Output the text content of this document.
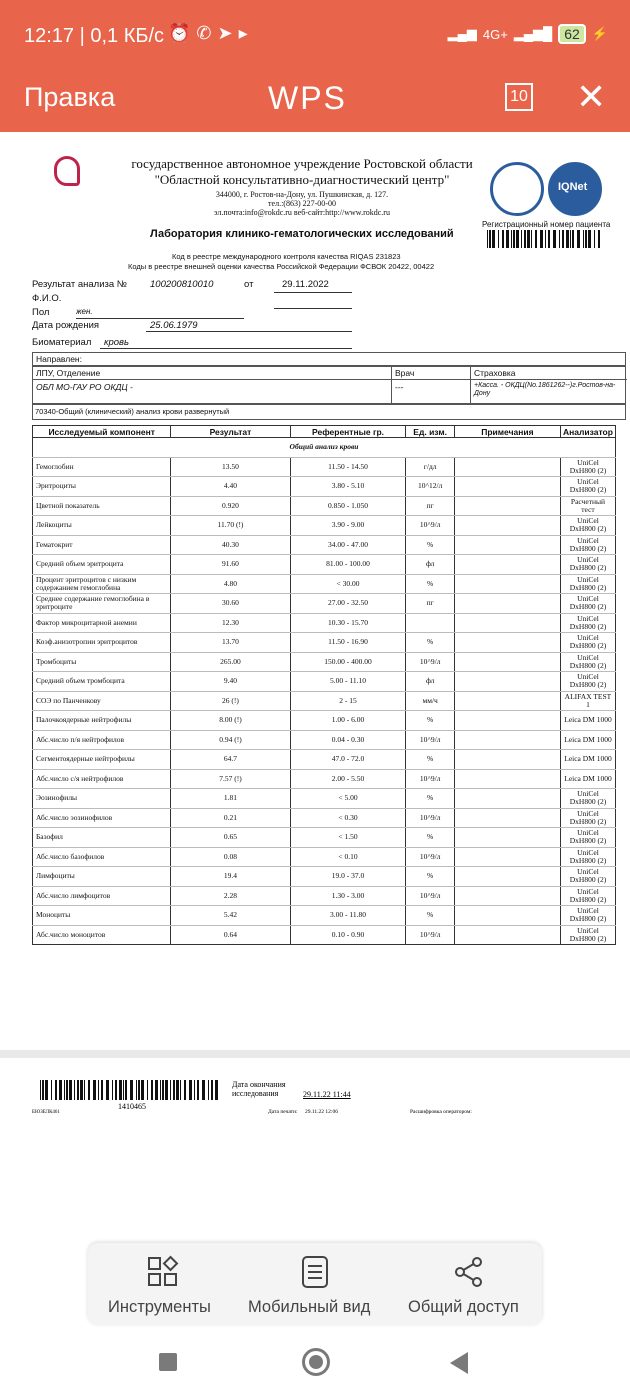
12:17 | 0,1 КБ/с ⏰✆➤▸	▂▄▆ 4G+ ▂▄▆█ 62 ⚡
Правка	WPS	10 ✕
государственное автономное учреждение Ростовской области
"Областной консультативно-диагностический центр"
344000, г. Ростов-на-Дону, ул. Пушкинская, д. 127.
тел.:(863) 227-00-00
эл.почта:info@rokdc.ru веб-сайт:http://www.rokdc.ru
IQNet
Регистрационный номер пациента
Лаборатория клинико-гематологических исследований
Код в реестре международного контроля качества RIQAS 231823
Коды в реестре внешней оценки качества Российской Федерации ФСВОК 20422, 00422
Результат анализа № 100200810010	от	29.11.2022
Ф.И.О.
Пол	жен.
Дата рождения	25.06.1979
Биоматериал кровь
Направлен:
ЛПУ, Отделение	Врач	Страховка
ОБЛ МО-ГАУ РО ОКДЦ -	---	+Касса. - ОКДЦ(No.1861262--)г.Ростов-на-Дону
70340-Общий (клинический) анализ крови развернутый
Исследуемый компонент	Результат	Референтные гр.	Ед. изм.	Примечания	Анализатор
Общий анализ крови					
Гемоглобин	13.50	11.50 - 14.50	г/дл		UniCel DxH800 (2)
Эритроциты	4.40	3.80 - 5.10	10^12/л		UniCel DxH800 (2)
Цветной показатель	0.920	0.850 - 1.050	пг		Расчетный тест
Лейкоциты	11.70 (!)	3.90 - 9.00	10^9/л		UniCel DxH800 (2)
Гематокрит	40.30	34.00 - 47.00	%		UniCel DxH800 (2)
Средний объем эритроцита	91.60	81.00 - 100.00	фл		UniCel DxH800 (2)
Процент эритроцитов с низким содержанием гемоглобина	4.80	< 30.00	%		UniCel DxH800 (2)
Среднее содержание гемоглобина в эритроците	30.60	27.00 - 32.50	пг		UniCel DxH800 (2)
Фактор микроцитарной анемии	12.30	10.30 - 15.70			UniCel DxH800 (2)
Коэф.анизотропии эритроцитов	13.70	11.50 - 16.90	%		UniCel DxH800 (2)
Тромбоциты	265.00	150.00 - 400.00	10^9/л		UniCel DxH800 (2)
Средний объем тромбоцита	9.40	5.00 - 11.10	фл		UniCel DxH800 (2)
СОЭ по Панченкову	26 (!)	2 - 15	мм/ч		ALIFAX TEST 1
Палочкоядерные нейтрофилы	8.00 (!)	1.00 - 6.00	%		Leica DM 1000
Абс.число п/я нейтрофилов	0.94 (!)	0.04 - 0.30	10^9/л		Leica DM 1000
Сегментоядерные нейтрофилы	64.7	47.0 - 72.0	%		Leica DM 1000
Абс.число с/я нейтрофилов	7.57 (!)	2.00 - 5.50	10^9/л		Leica DM 1000
Эозинофилы	1.81	< 5.00	%		UniCel DxH800 (2)
Абс.число эозинофилов	0.21	< 0.30	10^9/л		UniCel DxH800 (2)
Базофил	0.65	< 1.50	%		UniCel DxH800 (2)
Абс.число базофилов	0.08	< 0.10	10^9/л		UniCel DxH800 (2)
Лимфоциты	19.4	19.0 - 37.0	%		UniCel DxH800 (2)
Абс.число лимфоцитов	2.28	1.30 - 3.00	10^9/л		UniCel DxH800 (2)
Моноциты	5.42	3.00 - 11.80	%		UniCel DxH800 (2)
Абс.число моноцитов	0.64	0.10 - 0.90	10^9/л		UniCel DxH800 (2)
1410465
Дата окончания исследования	29.11.22 11:44
ЕЮЗЕЛК461	Дата печати: 29.11.22 12:06	Расшифровка оператором:
Инструменты Мобильный вид Общий доступ
